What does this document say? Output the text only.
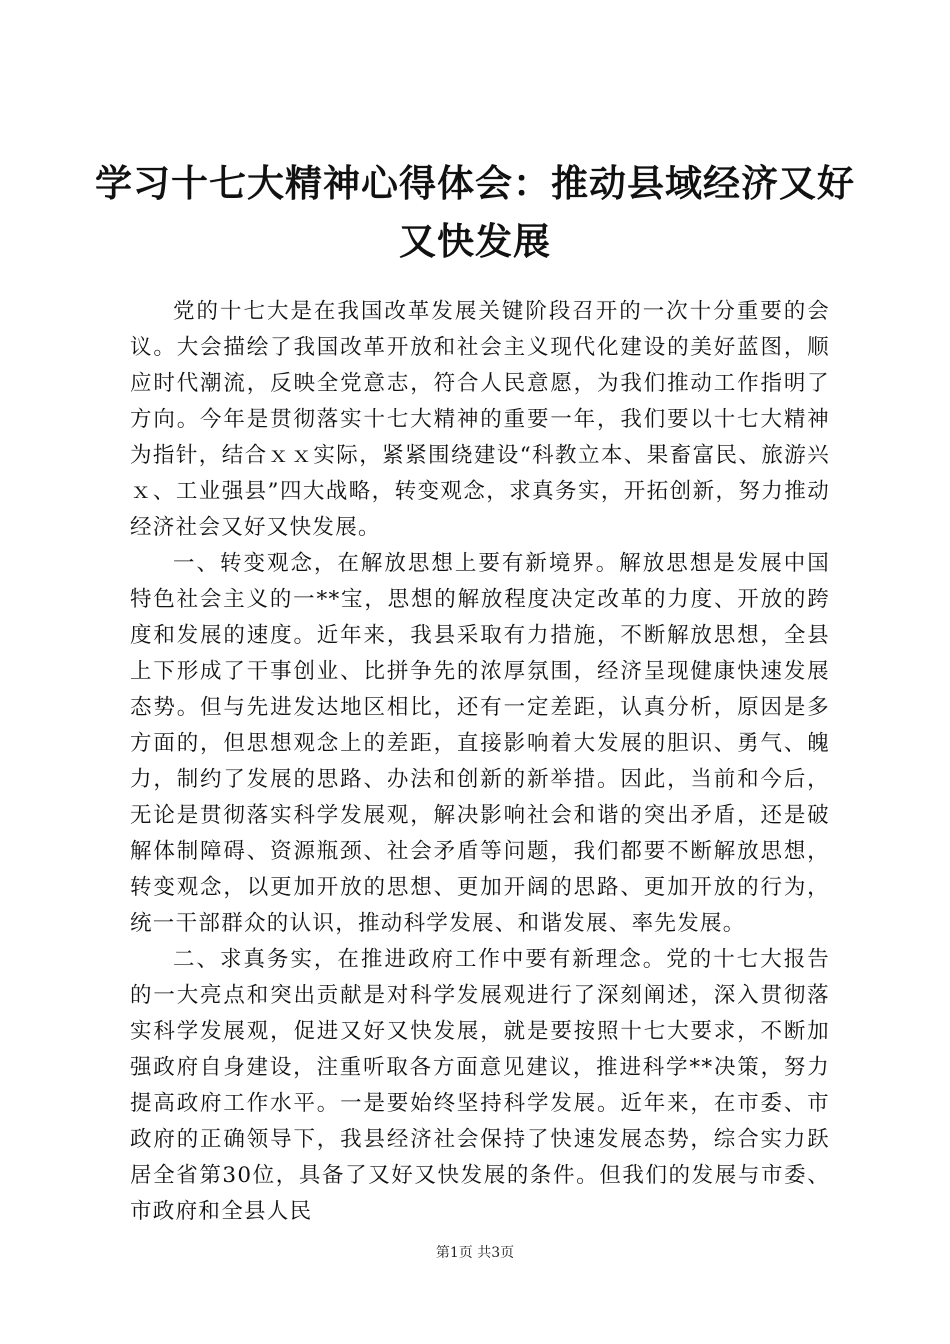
学习十七大精神心得体会：推动县域经济又好又快发展

党的十七大是在我国改革发展关键阶段召开的一次十分重要的会议。大会描绘了我国改革开放和社会主义现代化建设的美好蓝图，顺应时代潮流，反映全党意志，符合人民意愿，为我们推动工作指明了方向。今年是贯彻落实十七大精神的重要一年，我们要以十七大精神为指针，结合ｘｘ实际，紧紧围绕建设“科教立本、果畜富民、旅游兴ｘ、工业强县”四大战略，转变观念，求真务实，开拓创新，努力推动经济社会又好又快发展。

一、转变观念，在解放思想上要有新境界。解放思想是发展中国特色社会主义的一**宝，思想的解放程度决定改革的力度、开放的跨度和发展的速度。近年来，我县采取有力措施，不断解放思想，全县上下形成了干事创业、比拼争先的浓厚氛围，经济呈现健康快速发展态势。但与先进发达地区相比，还有一定差距，认真分析，原因是多方面的，但思想观念上的差距，直接影响着大发展的胆识、勇气、魄力，制约了发展的思路、办法和创新的新举措。因此，当前和今后，无论是贯彻落实科学发展观，解决影响社会和谐的突出矛盾，还是破解体制障碍、资源瓶颈、社会矛盾等问题，我们都要不断解放思想，转变观念，以更加开放的思想、更加开阔的思路、更加开放的行为，统一干部群众的认识，推动科学发展、和谐发展、率先发展。

二、求真务实，在推进政府工作中要有新理念。党的十七大报告的一大亮点和突出贡献是对科学发展观进行了深刻阐述，深入贯彻落实科学发展观，促进又好又快发展，就是要按照十七大要求，不断加强政府自身建设，注重听取各方面意见建议，推进科学**决策，努力提高政府工作水平。一是要始终坚持科学发展。近年来，在市委、市政府的正确领导下，我县经济社会保持了快速发展态势，综合实力跃居全省第30位，具备了又好又快发展的条件。但我们的发展与市委、市政府和全县人民

第1页 共3页
